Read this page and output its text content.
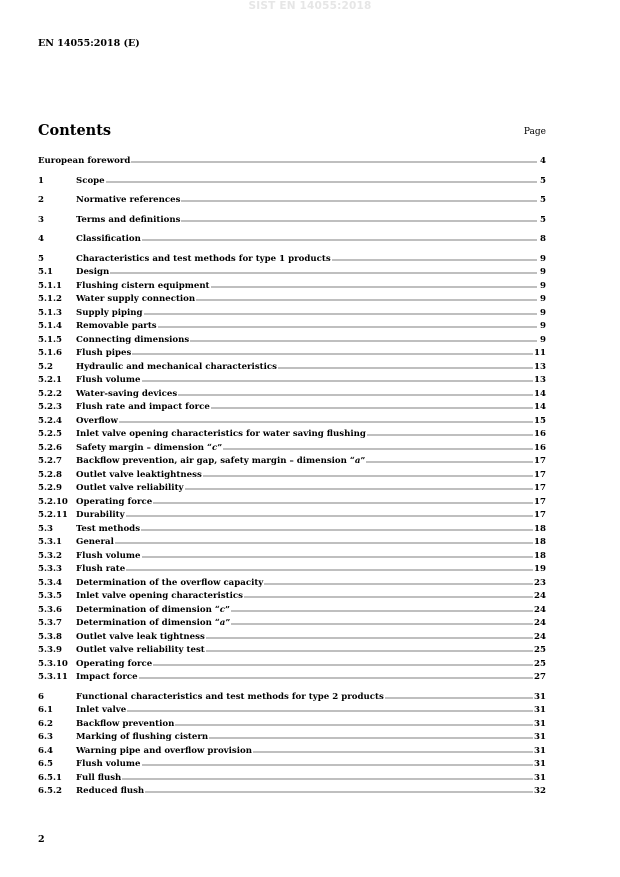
SIST EN 14055:2018
EN 14055:2018 (E)
Contents	Page
European foreword	4
1	Scope	5
2	Normative references	5
3	Terms and definitions	5
4	Classification	8
5	Characteristics and test methods for type 1 products	9
5.1	Design	9
5.1.1	Flushing cistern equipment	9
5.1.2	Water supply connection	9
5.1.3	Supply piping	9
5.1.4	Removable parts	9
5.1.5	Connecting dimensions	9
5.1.6	Flush pipes	11
5.2	Hydraulic and mechanical characteristics	13
5.2.1	Flush volume	13
5.2.2	Water-saving devices	14
5.2.3	Flush rate and impact force	14
5.2.4	Overflow	15
5.2.5	Inlet valve opening characteristics for water saving flushing	16
5.2.6	Safety margin – dimension “c”	16
5.2.7	Backflow prevention, air gap, safety margin – dimension “a”	17
5.2.8	Outlet valve leaktightness	17
5.2.9	Outlet valve reliability	17
5.2.10 Operating force	17
5.2.11 Durability	17
5.3	Test methods	18
5.3.1	General	18
5.3.2	Flush volume	18
5.3.3	Flush rate	19
5.3.4	Determination of the overflow capacity	23
5.3.5	Inlet valve opening characteristics	24
5.3.6	Determination of dimension “c”	24
5.3.7	Determination of dimension “a”	24
5.3.8	Outlet valve leak tightness	24
5.3.9	Outlet valve reliability test	25
5.3.10 Operating force	25
5.3.11 Impact force	27
6	Functional characteristics and test methods for type 2 products	31
6.1	Inlet valve	31
6.2	Backflow prevention	31
6.3	Marking of flushing cistern	31
6.4	Warning pipe and overflow provision	31
6.5	Flush volume	31
6.5.1	Full flush	31
6.5.2	Reduced flush	32
2
